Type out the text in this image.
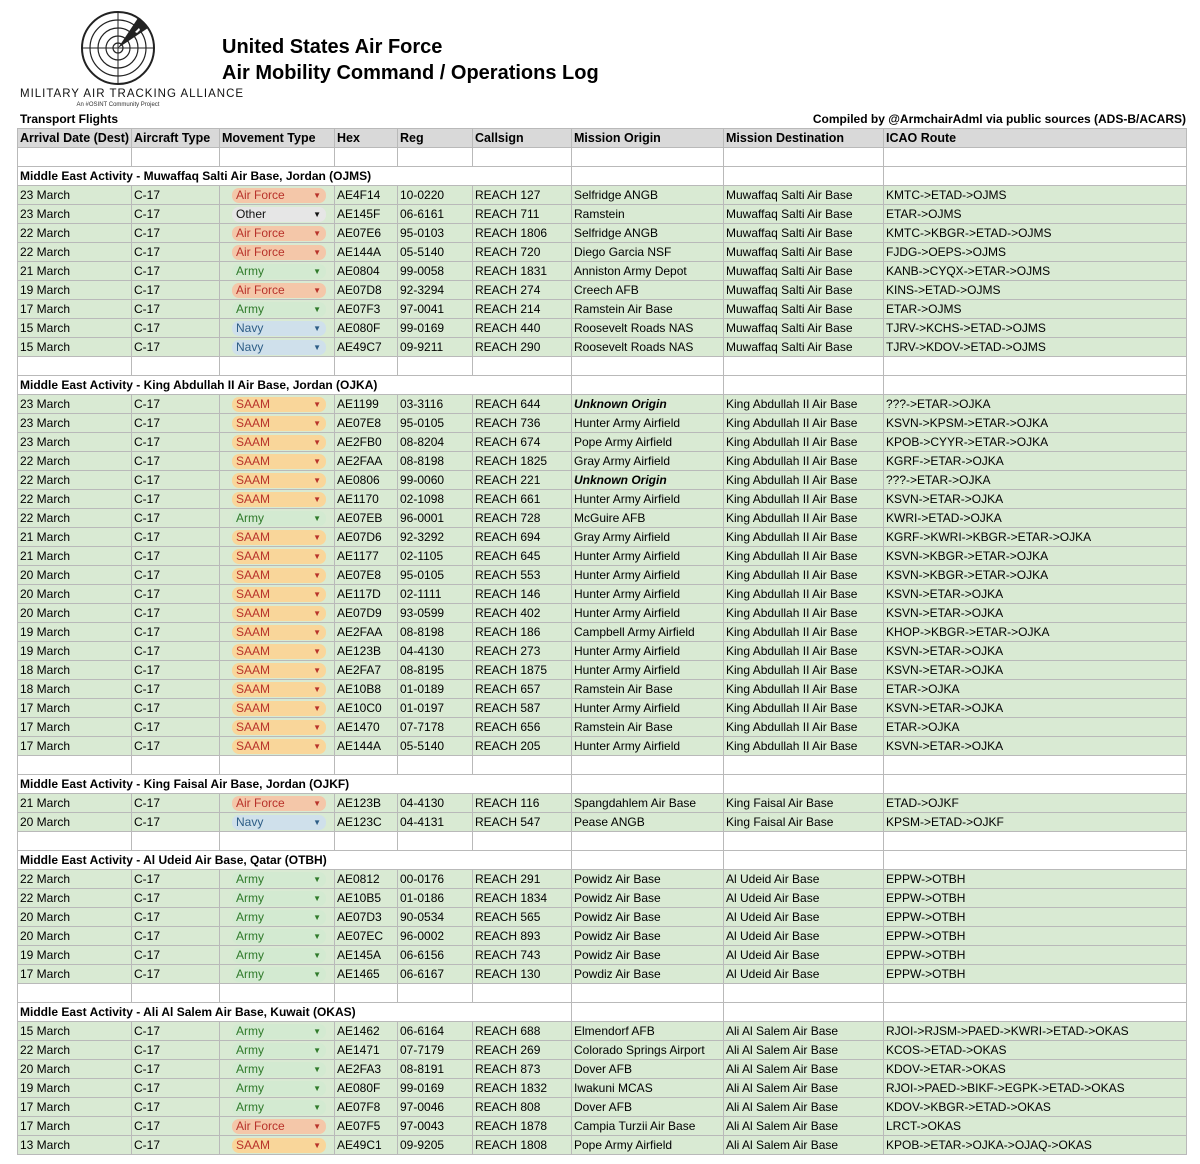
MILITARY AIR TRACKING ALLIANCE
An #OSINT Community Project
United States Air Force
Air Mobility Command / Operations Log
Transport Flights	Compiled by @ArmchairAdml via public sources (ADS-B/ACARS)
Arrival Date (Dest)	Aircraft Type	Movement Type	Hex	Reg	Callsign	Mission Origin	Mission Destination	ICAO Route

Middle East Activity - Muwaffaq Salti Air Base, Jordan (OJMS)								
23 March	C-17	Air Force ▼	AE4F14	10-0220	REACH 127	Selfridge ANGB	Muwaffaq Salti Air Base	KMTC->ETAD->OJMS
23 March	C-17	Other ▼	AE145F	06-6161	REACH 711	Ramstein	Muwaffaq Salti Air Base	ETAR->OJMS
22 March	C-17	Air Force ▼	AE07E6	95-0103	REACH 1806	Selfridge ANGB	Muwaffaq Salti Air Base	KMTC->KBGR->ETAD->OJMS
22 March	C-17	Air Force ▼	AE144A	05-5140	REACH 720	Diego Garcia NSF	Muwaffaq Salti Air Base	FJDG->OEPS->OJMS
21 March	C-17	Army ▼	AE0804	99-0058	REACH 1831	Anniston Army Depot	Muwaffaq Salti Air Base	KANB->CYQX->ETAR->OJMS
19 March	C-17	Air Force ▼	AE07D8	92-3294	REACH 274	Creech AFB	Muwaffaq Salti Air Base	KINS->ETAD->OJMS
17 March	C-17	Army ▼	AE07F3	97-0041	REACH 214	Ramstein Air Base	Muwaffaq Salti Air Base	ETAR->OJMS
15 March	C-17	Navy ▼	AE080F	99-0169	REACH 440	Roosevelt Roads NAS	Muwaffaq Salti Air Base	TJRV->KCHS->ETAD->OJMS
15 March	C-17	Navy ▼	AE49C7	09-9211	REACH 290	Roosevelt Roads NAS	Muwaffaq Salti Air Base	TJRV->KDOV->ETAD->OJMS

Middle East Activity - King Abdullah II Air Base, Jordan (OJKA)								
23 March	C-17	SAAM ▼	AE1199	03-3116	REACH 644	Unknown Origin	King Abdullah II Air Base	???->ETAR->OJKA
23 March	C-17	SAAM ▼	AE07E8	95-0105	REACH 736	Hunter Army Airfield	King Abdullah II Air Base	KSVN->KPSM->ETAR->OJKA
23 March	C-17	SAAM ▼	AE2FB0	08-8204	REACH 674	Pope Army Airfield	King Abdullah II Air Base	KPOB->CYYR->ETAR->OJKA
22 March	C-17	SAAM ▼	AE2FAA	08-8198	REACH 1825	Gray Army Airfield	King Abdullah II Air Base	KGRF->ETAR->OJKA
22 March	C-17	SAAM ▼	AE0806	99-0060	REACH 221	Unknown Origin	King Abdullah II Air Base	???->ETAR->OJKA
22 March	C-17	SAAM ▼	AE1170	02-1098	REACH 661	Hunter Army Airfield	King Abdullah II Air Base	KSVN->ETAR->OJKA
22 March	C-17	Army ▼	AE07EB	96-0001	REACH 728	McGuire AFB	King Abdullah II Air Base	KWRI->ETAD->OJKA
21 March	C-17	SAAM ▼	AE07D6	92-3292	REACH 694	Gray Army Airfield	King Abdullah II Air Base	KGRF->KWRI->KBGR->ETAR->OJKA
21 March	C-17	SAAM ▼	AE1177	02-1105	REACH 645	Hunter Army Airfield	King Abdullah II Air Base	KSVN->KBGR->ETAR->OJKA
20 March	C-17	SAAM ▼	AE07E8	95-0105	REACH 553	Hunter Army Airfield	King Abdullah II Air Base	KSVN->KBGR->ETAR->OJKA
20 March	C-17	SAAM ▼	AE117D	02-1111	REACH 146	Hunter Army Airfield	King Abdullah II Air Base	KSVN->ETAR->OJKA
20 March	C-17	SAAM ▼	AE07D9	93-0599	REACH 402	Hunter Army Airfield	King Abdullah II Air Base	KSVN->ETAR->OJKA
19 March	C-17	SAAM ▼	AE2FAA	08-8198	REACH 186	Campbell Army Airfield	King Abdullah II Air Base	KHOP->KBGR->ETAR->OJKA
19 March	C-17	SAAM ▼	AE123B	04-4130	REACH 273	Hunter Army Airfield	King Abdullah II Air Base	KSVN->ETAR->OJKA
18 March	C-17	SAAM ▼	AE2FA7	08-8195	REACH 1875	Hunter Army Airfield	King Abdullah II Air Base	KSVN->ETAR->OJKA
18 March	C-17	SAAM ▼	AE10B8	01-0189	REACH 657	Ramstein Air Base	King Abdullah II Air Base	ETAR->OJKA
17 March	C-17	SAAM ▼	AE10C0	01-0197	REACH 587	Hunter Army Airfield	King Abdullah II Air Base	KSVN->ETAR->OJKA
17 March	C-17	SAAM ▼	AE1470	07-7178	REACH 656	Ramstein Air Base	King Abdullah II Air Base	ETAR->OJKA
17 March	C-17	SAAM ▼	AE144A	05-5140	REACH 205	Hunter Army Airfield	King Abdullah II Air Base	KSVN->ETAR->OJKA

Middle East Activity - King Faisal Air Base, Jordan (OJKF)								
21 March	C-17	Air Force ▼	AE123B	04-4130	REACH 116	Spangdahlem Air Base	King Faisal Air Base	ETAD->OJKF
20 March	C-17	Navy ▼	AE123C	04-4131	REACH 547	Pease ANGB	King Faisal Air Base	KPSM->ETAD->OJKF

Middle East Activity - Al Udeid Air Base, Qatar (OTBH)								
22 March	C-17	Army ▼	AE0812	00-0176	REACH 291	Powidz Air Base	Al Udeid Air Base	EPPW->OTBH
22 March	C-17	Army ▼	AE10B5	01-0186	REACH 1834	Powidz Air Base	Al Udeid Air Base	EPPW->OTBH
20 March	C-17	Army ▼	AE07D3	90-0534	REACH 565	Powidz Air Base	Al Udeid Air Base	EPPW->OTBH
20 March	C-17	Army ▼	AE07EC	96-0002	REACH 893	Powidz Air Base	Al Udeid Air Base	EPPW->OTBH
19 March	C-17	Army ▼	AE145A	06-6156	REACH 743	Powidz Air Base	Al Udeid Air Base	EPPW->OTBH
17 March	C-17	Army ▼	AE1465	06-6167	REACH 130	Powdiz Air Base	Al Udeid Air Base	EPPW->OTBH

Middle East Activity - Ali Al Salem Air Base, Kuwait (OKAS)								
15 March	C-17	Army ▼	AE1462	06-6164	REACH 688	Elmendorf AFB	Ali Al Salem Air Base	RJOI->RJSM->PAED->KWRI->ETAD->OKAS
22 March	C-17	Army ▼	AE1471	07-7179	REACH 269	Colorado Springs Airport	Ali Al Salem Air Base	KCOS->ETAD->OKAS
20 March	C-17	Army ▼	AE2FA3	08-8191	REACH 873	Dover AFB	Ali Al Salem Air Base	KDOV->ETAR->OKAS
19 March	C-17	Army ▼	AE080F	99-0169	REACH 1832	Iwakuni MCAS	Ali Al Salem Air Base	RJOI->PAED->BIKF->EGPK->ETAD->OKAS
17 March	C-17	Army ▼	AE07F8	97-0046	REACH 808	Dover AFB	Ali Al Salem Air Base	KDOV->KBGR->ETAD->OKAS
17 March	C-17	Air Force ▼	AE07F5	97-0043	REACH 1878	Campia Turzii Air Base	Ali Al Salem Air Base	LRCT->OKAS
13 March	C-17	SAAM ▼	AE49C1	09-9205	REACH 1808	Pope Army Airfield	Ali Al Salem Air Base	KPOB->ETAR->OJKA->OJAQ->OKAS
